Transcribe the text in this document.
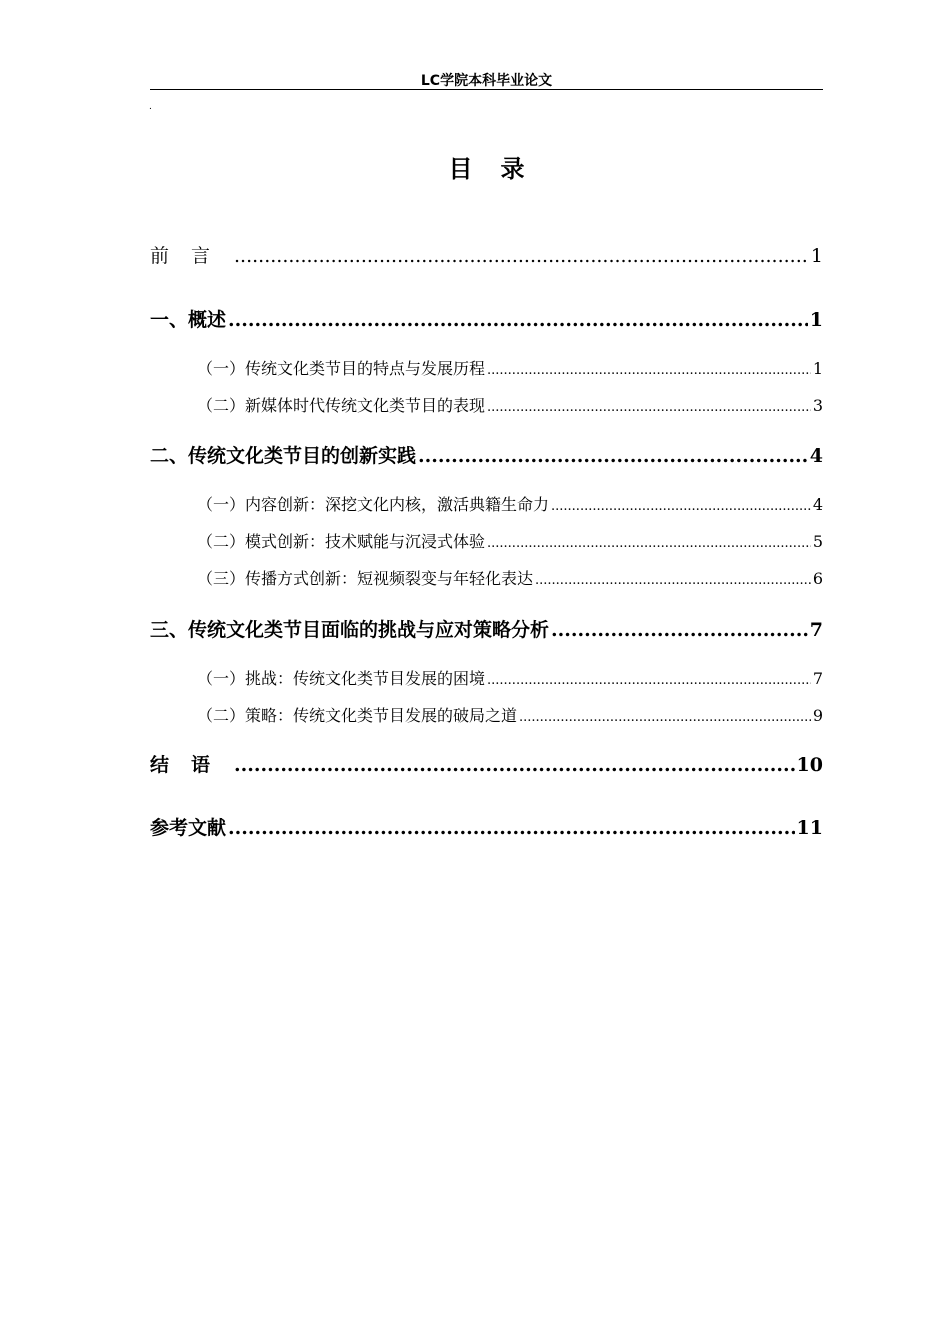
LC学院本科毕业论文
.
目录
前言 .....	1
一、概述 .....	1
（一）传统文化类节目的特点与发展历程 .....	1
（二）新媒体时代传统文化类节目的表现 .....	3
二、传统文化类节目的创新实践 .....	4
（一）内容创新：深挖文化内核，激活典籍生命力 .....	4
（二）模式创新：技术赋能与沉浸式体验 .....	5
（三）传播方式创新：短视频裂变与年轻化表达 .....	6
三、传统文化类节目面临的挑战与应对策略分析 .....	7
（一）挑战：传统文化类节目发展的困境 .....	7
（二）策略：传统文化类节目发展的破局之道 .....	9
结语 .....	10
参考文献 .....	11
